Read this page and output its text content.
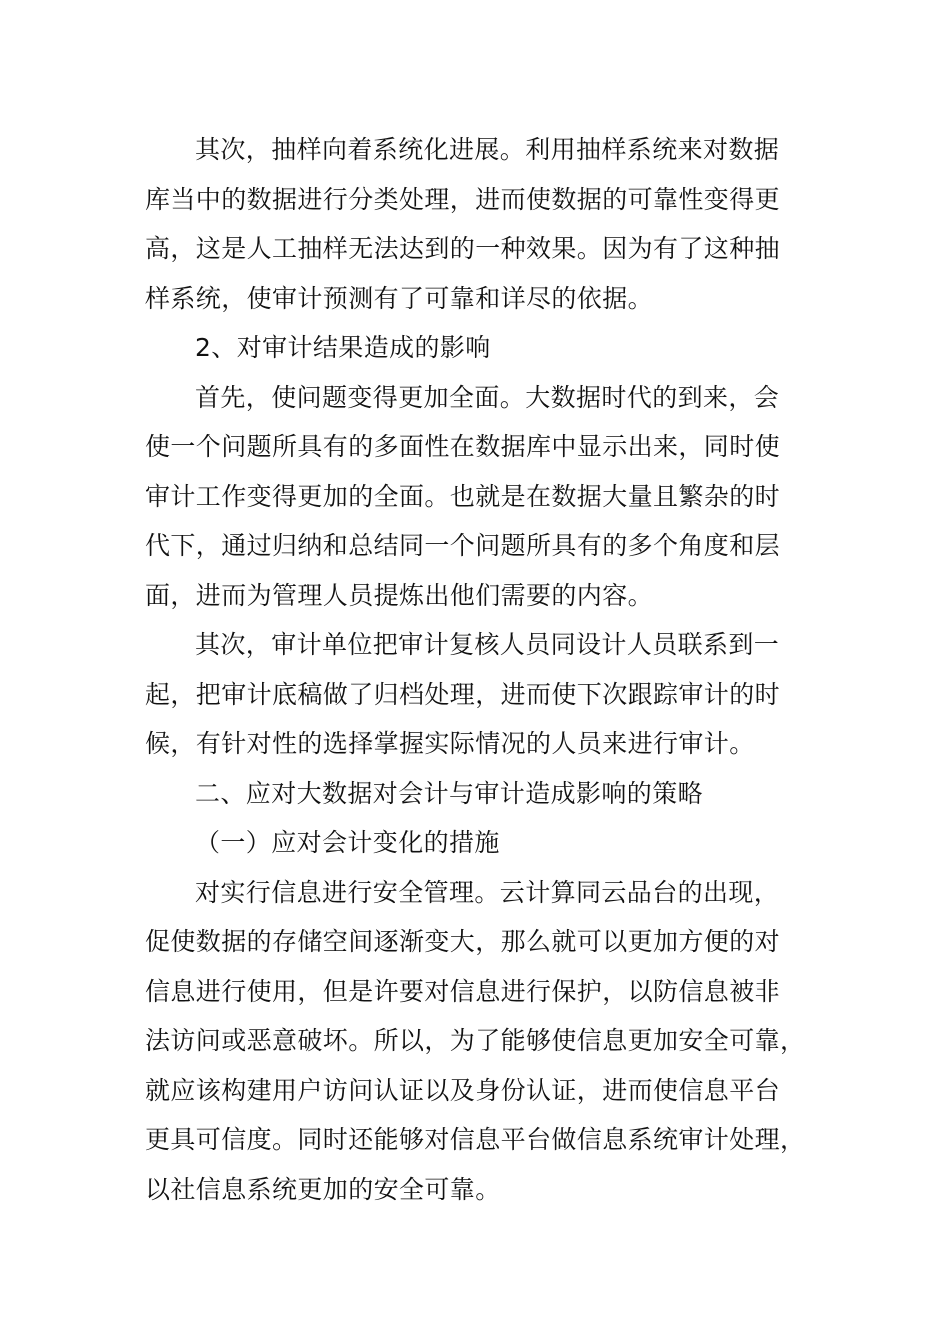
其次，抽样向着系统化进展。利用抽样系统来对数据
库当中的数据进行分类处理，进而使数据的可靠性变得更
高，这是人工抽样无法达到的一种效果。因为有了这种抽
样系统，使审计预测有了可靠和详尽的依据。
2、对审计结果造成的影响
首先，使问题变得更加全面。大数据时代的到来，会
使一个问题所具有的多面性在数据库中显示出来，同时使
审计工作变得更加的全面。也就是在数据大量且繁杂的时
代下，通过归纳和总结同一个问题所具有的多个角度和层
面，进而为管理人员提炼出他们需要的内容。
其次，审计单位把审计复核人员同设计人员联系到一
起，把审计底稿做了归档处理，进而使下次跟踪审计的时
候，有针对性的选择掌握实际情况的人员来进行审计。
二、应对大数据对会计与审计造成影响的策略
（一）应对会计变化的措施
对实行信息进行安全管理。云计算同云品台的出现，
促使数据的存储空间逐渐变大，那么就可以更加方便的对
信息进行使用，但是许要对信息进行保护，以防信息被非
法访问或恶意破坏。所以，为了能够使信息更加安全可靠，
就应该构建用户访问认证以及身份认证，进而使信息平台
更具可信度。同时还能够对信息平台做信息系统审计处理，
以社信息系统更加的安全可靠。
